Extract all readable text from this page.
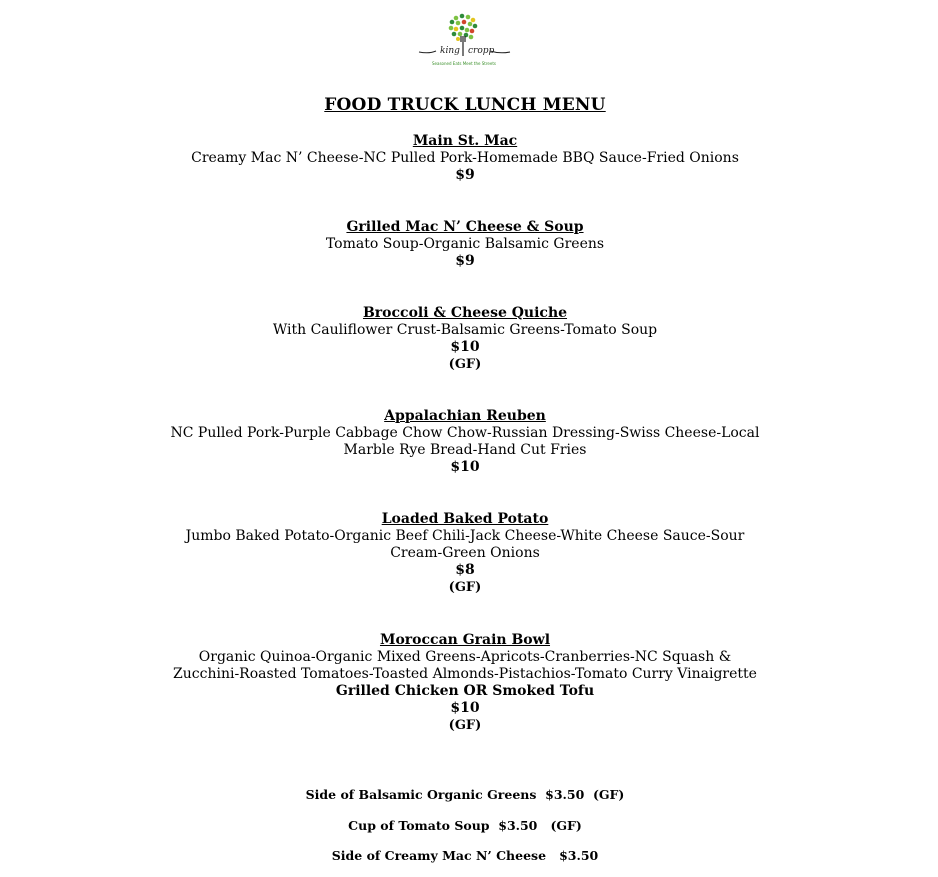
king cropp
Seasoned Eats Meet the Streets
FOOD TRUCK LUNCH MENU
Main St. Mac
Creamy Mac N’ Cheese-NC Pulled Pork-Homemade BBQ Sauce-Fried Onions
$9
Grilled Mac N’ Cheese & Soup
Tomato Soup-Organic Balsamic Greens
$9
Broccoli & Cheese Quiche
With Cauliflower Crust-Balsamic Greens-Tomato Soup
$10
(GF)
Appalachian Reuben
NC Pulled Pork-Purple Cabbage Chow Chow-Russian Dressing-Swiss Cheese-Local Marble Rye Bread-Hand Cut Fries
$10
Loaded Baked Potato
Jumbo Baked Potato-Organic Beef Chili-Jack Cheese-White Cheese Sauce-Sour Cream-Green Onions
$8
(GF)
Moroccan Grain Bowl
Organic Quinoa-Organic Mixed Greens-Apricots-Cranberries-NC Squash & Zucchini-Roasted Tomatoes-Toasted Almonds-Pistachios-Tomato Curry Vinaigrette
Grilled Chicken OR Smoked Tofu
$10
(GF)
Side of Balsamic Organic Greens  $3.50  (GF)
Cup of Tomato Soup  $3.50   (GF)
Side of Creamy Mac N’ Cheese   $3.50
